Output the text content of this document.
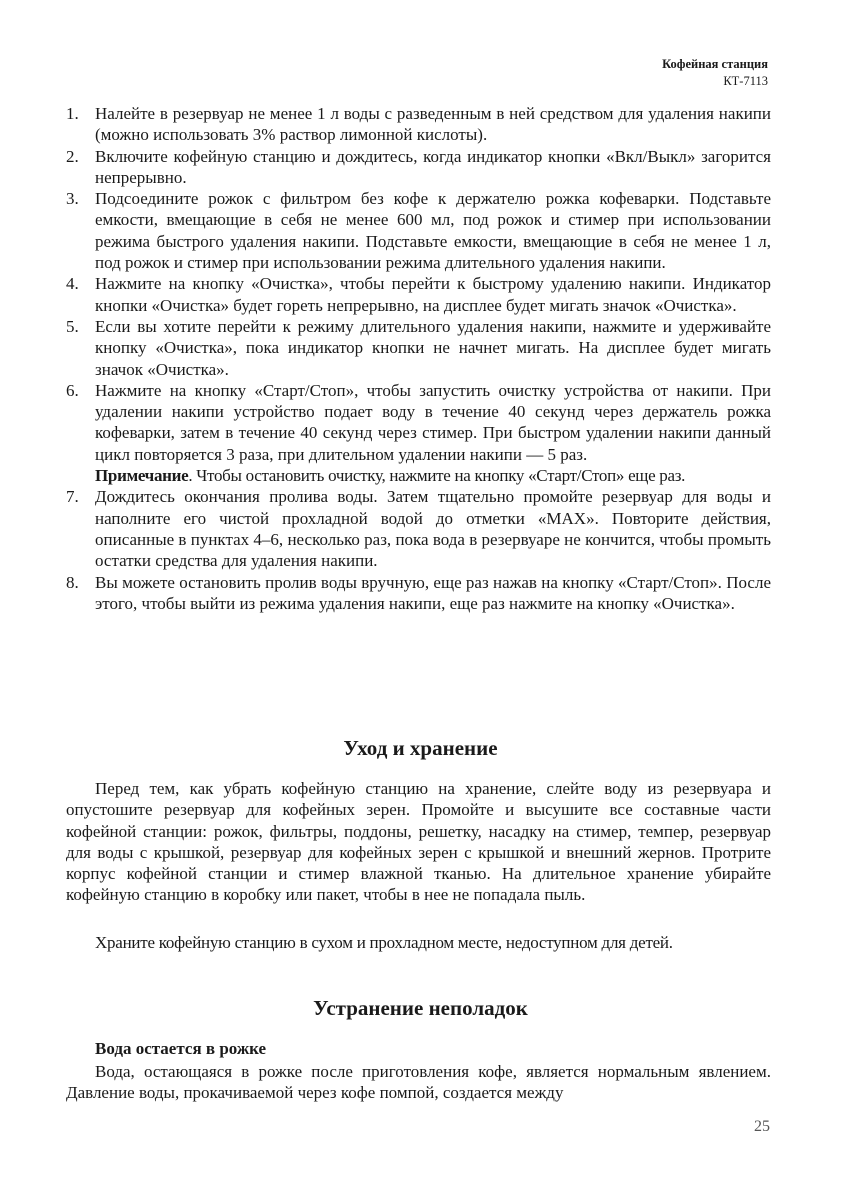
Кофейная станция
КТ-7113
1. Налейте в резервуар не менее 1 л воды с разведенным в ней средством для удаления накипи (можно использовать 3% раствор лимонной кислоты).
2. Включите кофейную станцию и дождитесь, когда индикатор кнопки «Вкл/Выкл» загорится непрерывно.
3. Подсоедините рожок с фильтром без кофе к держателю рожка кофеварки. Подставьте емкости, вмещающие в себя не менее 600 мл, под рожок и стимер при использовании режима быстрого удаления накипи. Подставьте емкости, вмещающие в себя не менее 1 л, под рожок и стимер при использовании режима длительного удаления накипи.
4. Нажмите на кнопку «Очистка», чтобы перейти к быстрому удалению накипи. Индикатор кнопки «Очистка» будет гореть непрерывно, на дисплее будет мигать значок «Очистка».
5. Если вы хотите перейти к режиму длительного удаления накипи, нажмите и удерживайте кнопку «Очистка», пока индикатор кнопки не начнет мигать. На дисплее будет мигать значок «Очистка».
6. Нажмите на кнопку «Старт/Стоп», чтобы запустить очистку устройства от накипи. При удалении накипи устройство подает воду в течение 40 секунд через держатель рожка кофеварки, затем в течение 40 секунд через стимер. При быстром удалении накипи данный цикл повторяется 3 раза, при длительном удалении накипи — 5 раз.
Примечание. Чтобы остановить очистку, нажмите на кнопку «Старт/Стоп» еще раз.
7. Дождитесь окончания пролива воды. Затем тщательно промойте резервуар для воды и наполните его чистой прохладной водой до отметки «MAX». Повторите действия, описанные в пунктах 4–6, несколько раз, пока вода в резервуаре не кончится, чтобы промыть остатки средства для удаления накипи.
8. Вы можете остановить пролив воды вручную, еще раз нажав на кнопку «Старт/Стоп». После этого, чтобы выйти из режима удаления накипи, еще раз нажмите на кнопку «Очистка».
Уход и хранение

Перед тем, как убрать кофейную станцию на хранение, слейте воду из резервуара и опустошите резервуар для кофейных зерен. Промойте и высушите все составные части кофейной станции: рожок, фильтры, поддоны, решетку, насадку на стимер, темпер, резервуар для воды с крышкой, резервуар для кофейных зерен с крышкой и внешний жернов. Протрите корпус кофейной станции и стимер влажной тканью. На длительное хранение убирайте кофейную станцию в коробку или пакет, чтобы в нее не попадала пыль.

Храните кофейную станцию в сухом и прохладном месте, недоступном для детей.

Устранение неполадок

Вода остается в рожке

Вода, остающаяся в рожке после приготовления кофе, является нормальным явлением. Давление воды, прокачиваемой через кофе помпой, создается между

25
